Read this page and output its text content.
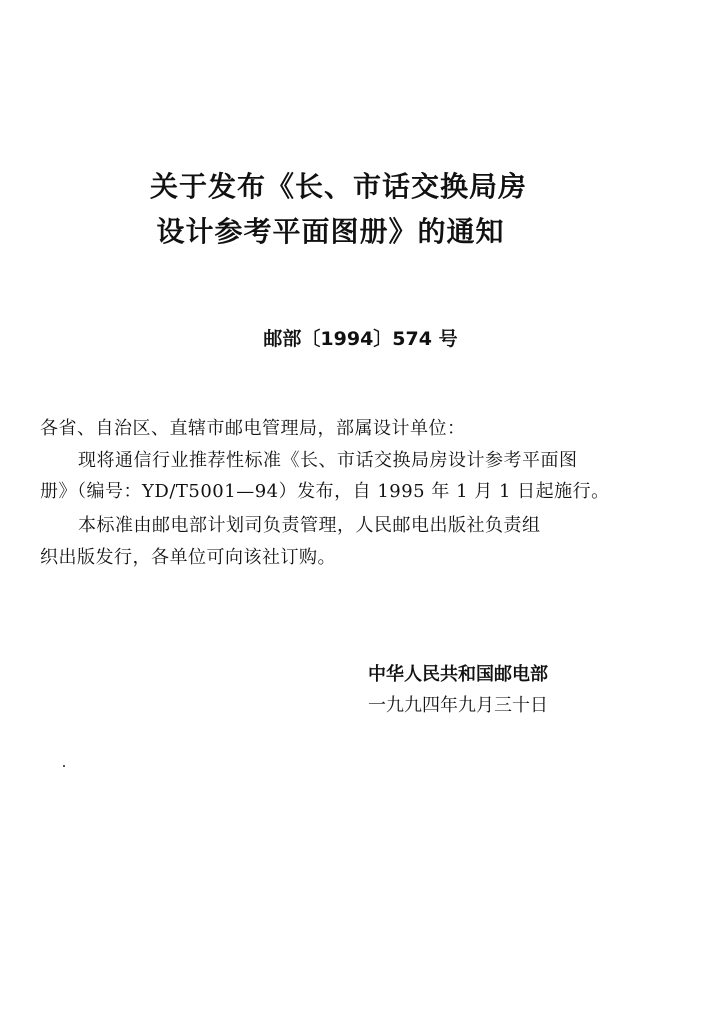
关于发布《长、市话交换局房
设计参考平面图册》的通知
邮部〔1994〕574 号

各省、自治区、直辖市邮电管理局，部属设计单位：

现将通信行业推荐性标准《长、市话交换局房设计参考平面图

册》（编号：YD/T5001—94）发布，自 1995 年 1 月 1 日起施行。

本标准由邮电部计划司负责管理，人民邮电出版社负责组

织出版发行，各单位可向该社订购。

中华人民共和国邮电部
一九九四年九月三十日
